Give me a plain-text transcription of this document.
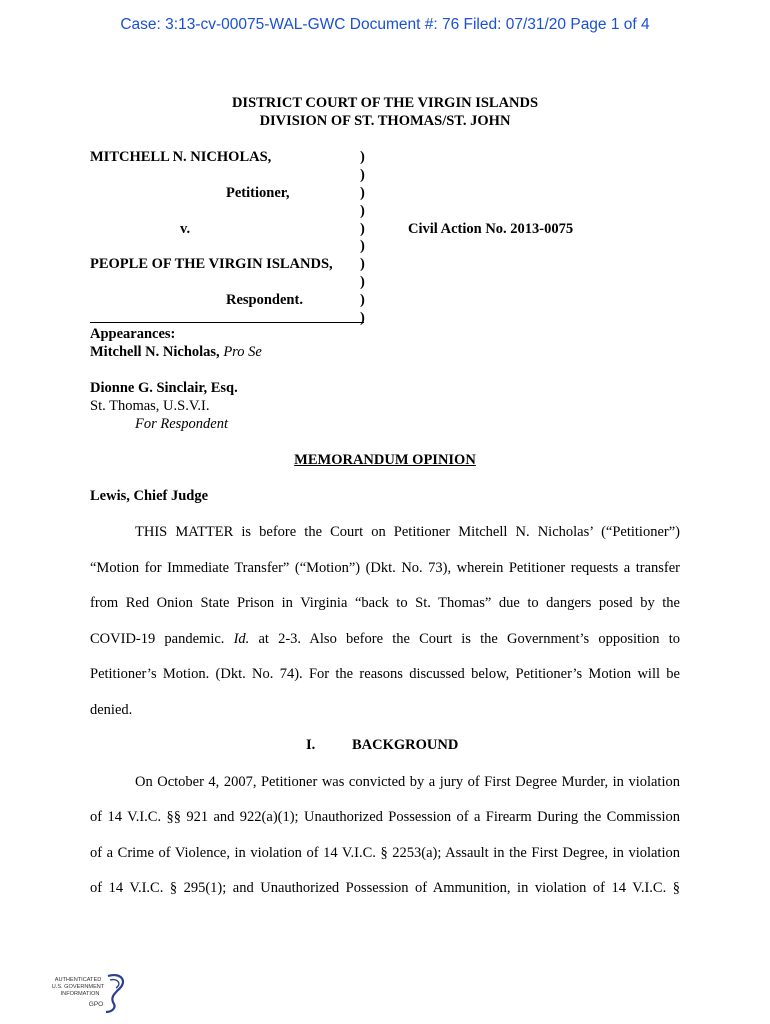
Case: 3:13-cv-00075-WAL-GWC Document #: 76 Filed: 07/31/20 Page 1 of 4
DISTRICT COURT OF THE VIRGIN ISLANDS
DIVISION OF ST. THOMAS/ST. JOHN
MITCHELL N. NICHOLAS,
Petitioner,
v.
PEOPLE OF THE VIRGIN ISLANDS,
Respondent.
)
)
)
)
)
)
)
)
)
)
Civil Action No. 2013-0075
Appearances:
Mitchell N. Nicholas, Pro Se
Dionne G. Sinclair, Esq.
St. Thomas, U.S.V.I.
For Respondent
MEMORANDUM OPINION
Lewis, Chief Judge
THIS MATTER is before the Court on Petitioner Mitchell N. Nicholas’ (“Petitioner”)
“Motion for Immediate Transfer” (“Motion”) (Dkt. No. 73), wherein Petitioner requests a transfer
from Red Onion State Prison in Virginia “back to St. Thomas” due to dangers posed by the
COVID-19 pandemic. Id. at 2-3. Also before the Court is the Government’s opposition to
Petitioner’s Motion. (Dkt. No. 74). For the reasons discussed below, Petitioner’s Motion will be
denied.
I.	BACKGROUND
On October 4, 2007, Petitioner was convicted by a jury of First Degree Murder, in violation
of 14 V.I.C. §§ 921 and 922(a)(1); Unauthorized Possession of a Firearm During the Commission
of a Crime of Violence, in violation of 14 V.I.C. § 2253(a); Assault in the First Degree, in violation
of 14 V.I.C. § 295(1); and Unauthorized Possession of Ammunition, in violation of 14 V.I.C. §
AUTHENTICATED
U.S. GOVERNMENT
INFORMATION
GPO
